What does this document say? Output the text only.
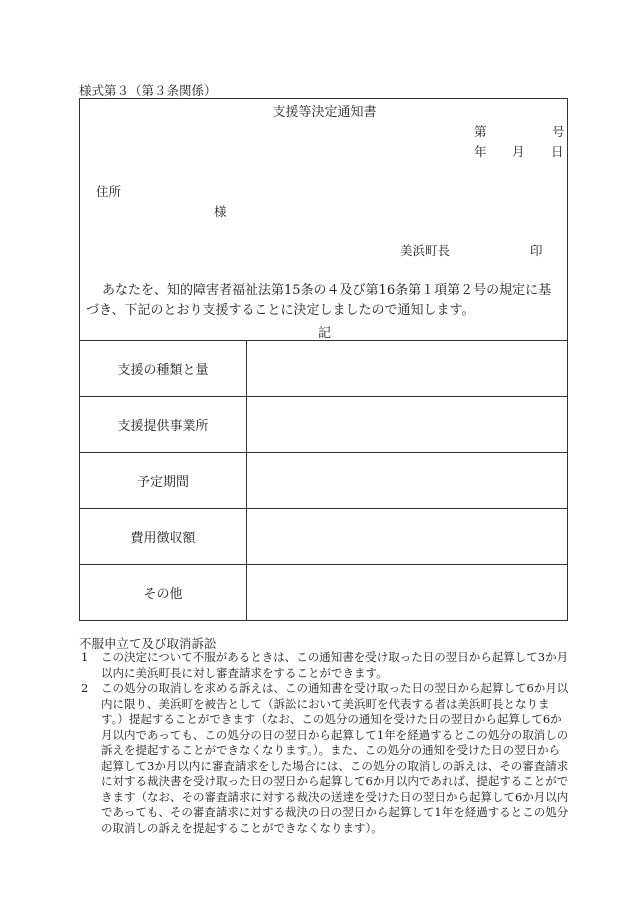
様式第３（第３条関係）
支援等決定通知書
第	号
年 月 日
住所
様
美浜町長	印
あなたを、知的障害者福祉法第15条の４及び第16条第１項第２号の規定に基づき、下記のとおり支援することに決定しましたので通知します。
記
支援の種類と量	
支援提供事業所	
予定期間	
費用徴収額	
その他	
不服申立て及び取消訴訟
1 この決定について不服があるときは、この通知書を受け取った日の翌日から起算して3か月以内に美浜町長に対し審査請求をすることができます。
2 この処分の取消しを求める訴えは、この通知書を受け取った日の翌日から起算して6か月以内に限り、美浜町を被告として（訴訟において美浜町を代表する者は美浜町長となります。）提起することができます（なお、この処分の通知を受けた日の翌日から起算して6か月以内であっても、この処分の日の翌日から起算して1年を経過するとこの処分の取消しの訴えを提起することができなくなります。）。また、この処分の通知を受けた日の翌日から起算して3か月以内に審査請求をした場合には、この処分の取消しの訴えは、その審査請求に対する裁決書を受け取った日の翌日から起算して6か月以内であれば、提起することができます（なお、その審査請求に対する裁決の送達を受けた日の翌日から起算して6か月以内であっても、その審査請求に対する裁決の日の翌日から起算して1年を経過するとこの処分の取消しの訴えを提起することができなくなります）。
